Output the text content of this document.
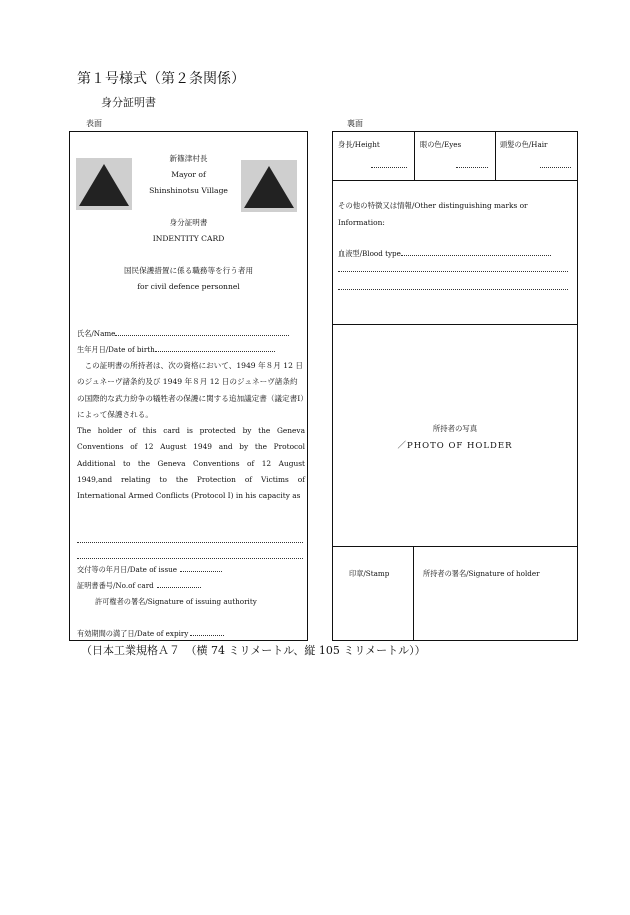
第１号様式（第２条関係）
身分証明書
表面	裏面
新篠津村長
Mayor of
Shinshinotsu Village
身分証明書
INDENTITY CARD
国民保護措置に係る職務等を行う者用
for civil defence personnel
氏名/Name
生年月日/Date of birth
　この証明書の所持者は、次の資格において、1949 年８月 12 日のジュネーヴ諸条約及び 1949 年８月 12 日のジュネーヴ諸条約の国際的な武力紛争の犠牲者の保護に関する追加議定書（議定書Ⅰ）によって保護される。
The holder of this card is protected by the Geneva Conventions of 12 August 1949 and by the Protocol Additional to the Geneva Conventions of 12 August 1949,and relating to the Protection of Victims of International Armed Conflicts (Protocol I) in his capacity as
交付等の年月日/Date of issue
証明書番号/No.of card
許可権者の署名/Signature of issuing authority
有効期間の満了日/Date of expiry
身長/Height	眼の色/Eyes	頭髪の色/Hair
その他の特徴又は情報/Other distinguishing marks or Information:
血液型/Blood type
所持者の写真
／PHOTO OF HOLDER
印章/Stamp	所持者の署名/Signature of holder
（日本工業規格Ａ７　（横 74 ミリメートル、縦 105 ミリメートル））
